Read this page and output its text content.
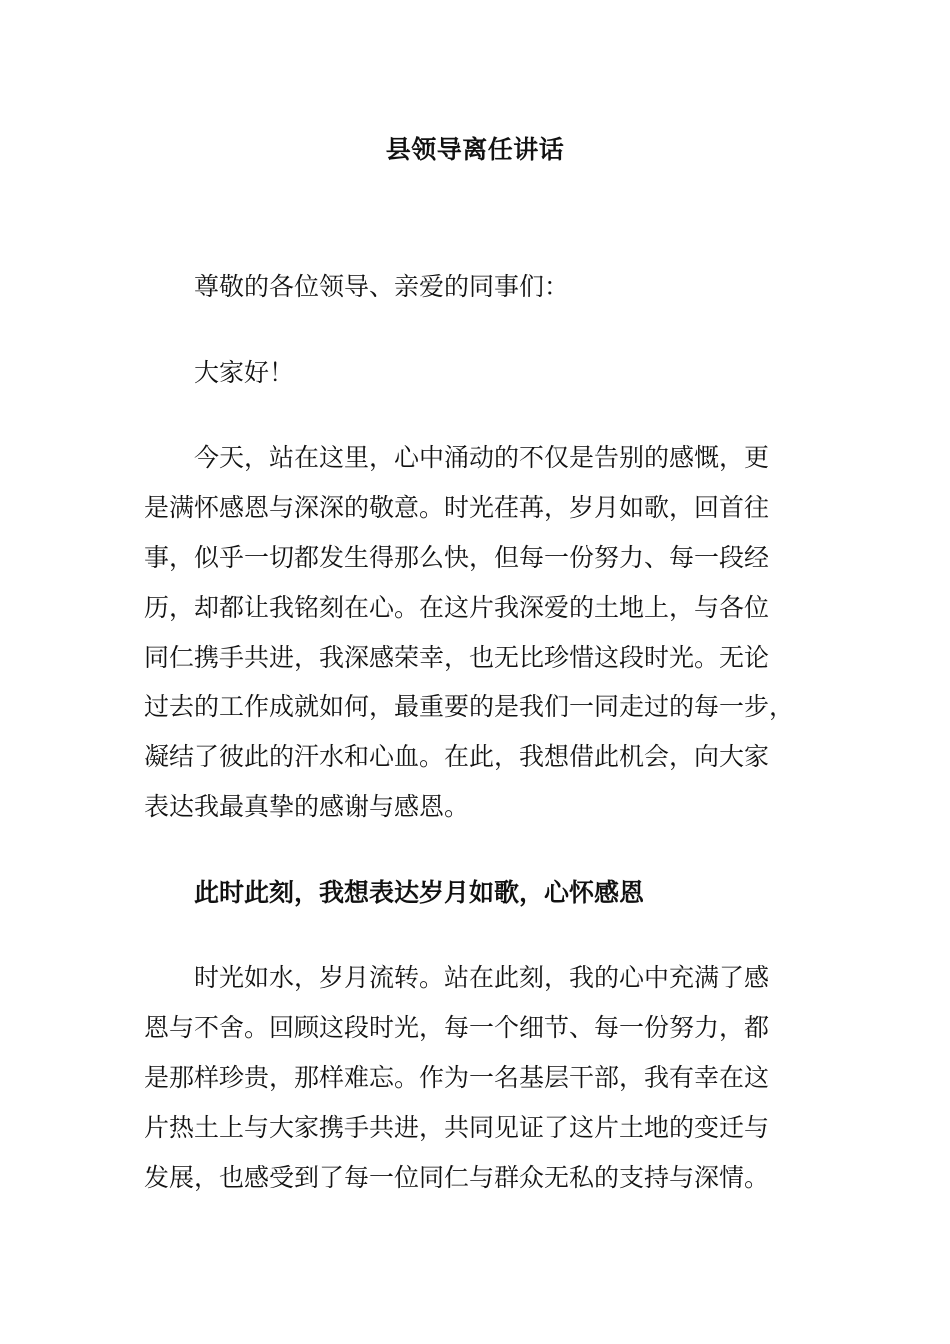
县领导离任讲话
尊敬的各位领导、亲爱的同事们：
大家好！
今天，站在这里，心中涌动的不仅是告别的感慨，更
是满怀感恩与深深的敬意。时光荏苒，岁月如歌，回首往
事，似乎一切都发生得那么快，但每一份努力、每一段经
历，却都让我铭刻在心。在这片我深爱的土地上，与各位
同仁携手共进，我深感荣幸，也无比珍惜这段时光。无论
过去的工作成就如何，最重要的是我们一同走过的每一步，
凝结了彼此的汗水和心血。在此，我想借此机会，向大家
表达我最真挚的感谢与感恩。
此时此刻，我想表达岁月如歌，心怀感恩
时光如水，岁月流转。站在此刻，我的心中充满了感
恩与不舍。回顾这段时光，每一个细节、每一份努力，都
是那样珍贵，那样难忘。作为一名基层干部，我有幸在这
片热土上与大家携手共进，共同见证了这片土地的变迁与
发展，也感受到了每一位同仁与群众无私的支持与深情。
